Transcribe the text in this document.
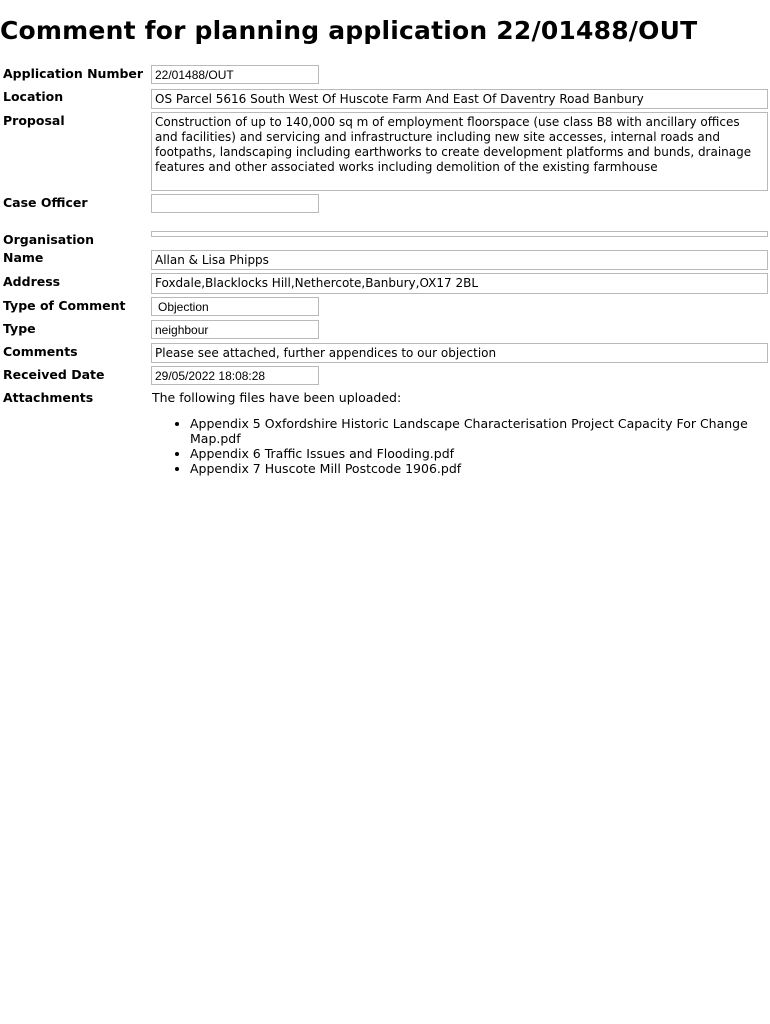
Comment for planning application 22/01488/OUT
Application Number 22/01488/OUT
Location	OS Parcel 5616 South West Of Huscote Farm And East Of Daventry Road Banbury
Proposal	Construction of up to 140,000 sq m of employment floorspace (use class B8 with ancillary offices and facilities) and servicing and infrastructure including new site accesses, internal roads and footpaths, landscaping including earthworks to create development platforms and bunds, drainage features and other associated works including demolition of the existing farmhouse
Case Officer
Organisation
Name	Allan & Lisa Phipps
Address	Foxdale,Blacklocks Hill,Nethercote,Banbury,OX17 2BL
Type of Comment	Objection
Type	neighbour
Comments	Please see attached, further appendices to our objection
Received Date	29/05/2022 18:08:28
Attachments	The following files have been uploaded:
• Appendix 5 Oxfordshire Historic Landscape Characterisation Project Capacity For Change Map.pdf
• Appendix 6 Traffic Issues and Flooding.pdf
• Appendix 7 Huscote Mill Postcode 1906.pdf
